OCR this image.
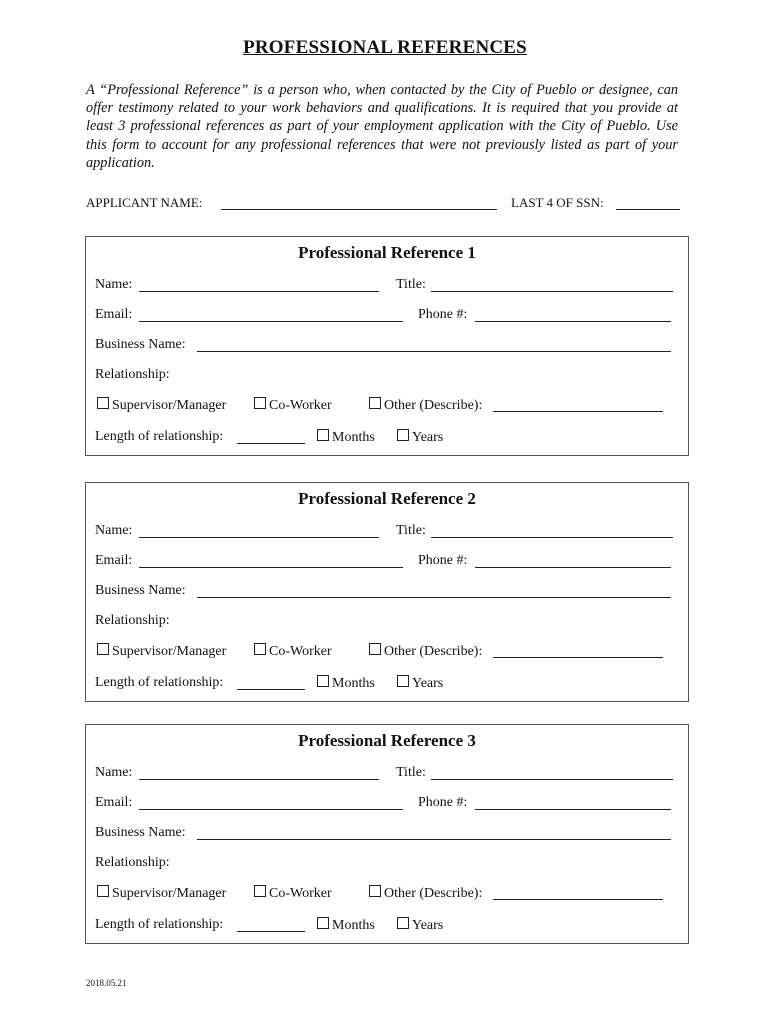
PROFESSIONAL REFERENCES
A “Professional Reference” is a person who, when contacted by the City of Pueblo or designee, can offer testimony related to your work behaviors and qualifications. It is required that you provide at least 3 professional references as part of your employment application with the City of Pueblo. Use this form to account for any professional references that were not previously listed as part of your application.
APPLICANT NAME:	LAST 4 OF SSN:
Professional Reference 1
Name:	Title:
Email:	Phone #:
Business Name:
Relationship:
Supervisor/Manager	Co-Worker	Other (Describe):
Length of relationship:	Months	Years
Professional Reference 2
Name:	Title:
Email:	Phone #:
Business Name:
Relationship:
Supervisor/Manager	Co-Worker	Other (Describe):
Length of relationship:	Months	Years
Professional Reference 3
Name:	Title:
Email:	Phone #:
Business Name:
Relationship:
Supervisor/Manager	Co-Worker	Other (Describe):
Length of relationship:	Months	Years
2018.05.21
